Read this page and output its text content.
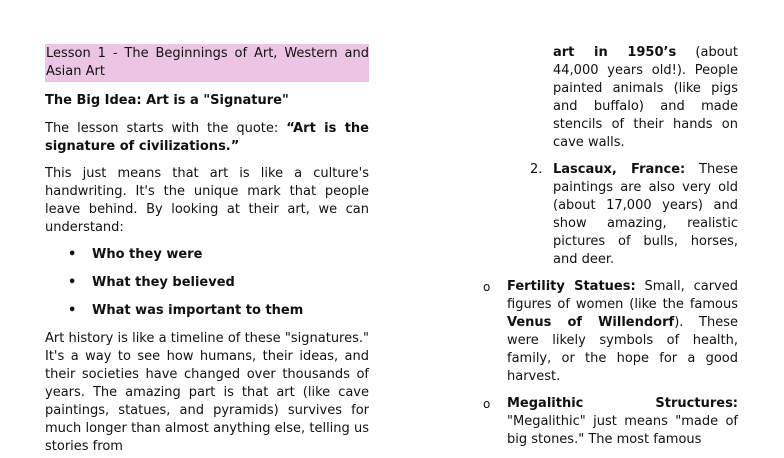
Lesson 1 - The Beginnings of Art, Western and Asian Art

The Big Idea: Art is a "Signature"

The lesson starts with the quote: “Art is the signature of civilizations.”

This just means that art is like a culture's handwriting. It's the unique mark that people leave behind. By looking at their art, we can understand:

• Who they were
• What they believed
• What was important to them

Art history is like a timeline of these "signatures." It's a way to see how humans, their ideas, and their societies have changed over thousands of years. The amazing part is that art (like cave paintings, statues, and pyramids) survives for much longer than almost anything else, telling us stories from

art in 1950’s (about 44,000 years old!). People painted animals (like pigs and buffalo) and made stencils of their hands on cave walls.

2. Lascaux, France: These paintings are also very old (about 17,000 years) and show amazing, realistic pictures of bulls, horses, and deer.

o Fertility Statues: Small, carved figures of women (like the famous Venus of Willendorf). These were likely symbols of health, family, or the hope for a good harvest.

o Megalithic Structures: "Megalithic" just means "made of big stones." The most famous
